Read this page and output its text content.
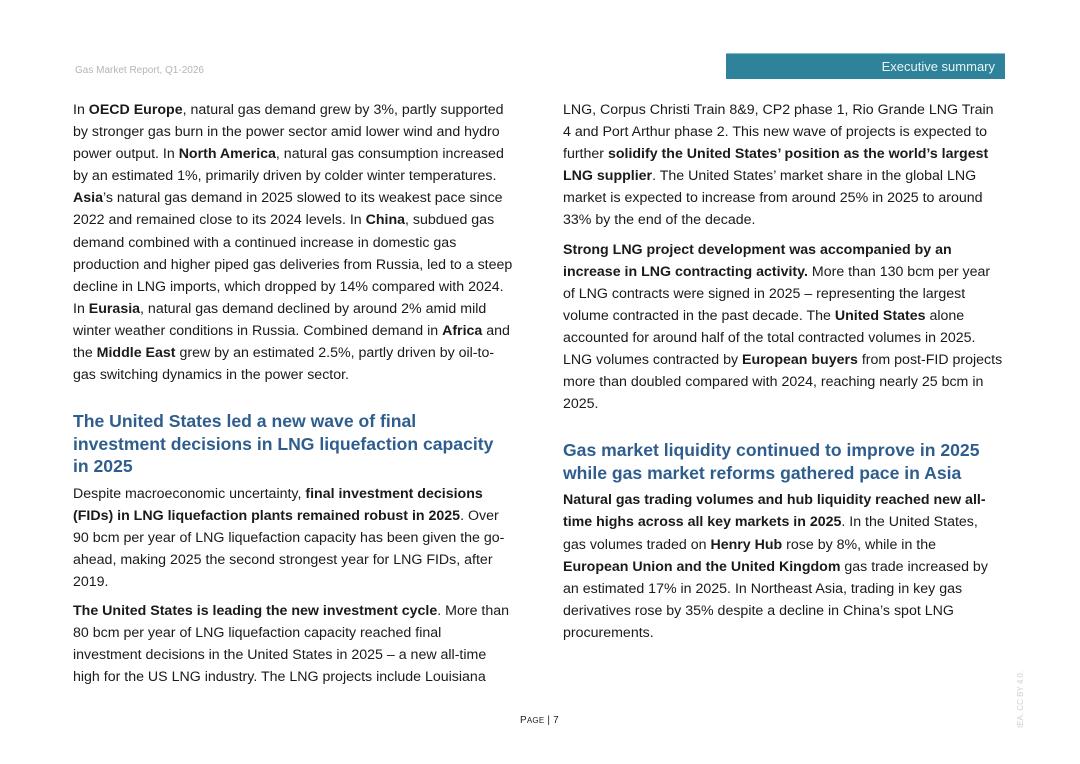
Gas Market Report, Q1-2026	Executive summary

In OECD Europe, natural gas demand grew by 3%, partly supported by stronger gas burn in the power sector amid lower wind and hydro power output. In North America, natural gas consumption increased by an estimated 1%, primarily driven by colder winter temperatures. Asia’s natural gas demand in 2025 slowed to its weakest pace since 2022 and remained close to its 2024 levels. In China, subdued gas demand combined with a continued increase in domestic gas production and higher piped gas deliveries from Russia, led to a steep decline in LNG imports, which dropped by 14% compared with 2024. In Eurasia, natural gas demand declined by around 2% amid mild winter weather conditions in Russia. Combined demand in Africa and the Middle East grew by an estimated 2.5%, partly driven by oil-to-gas switching dynamics in the power sector.

The United States led a new wave of final investment decisions in LNG liquefaction capacity in 2025

Despite macroeconomic uncertainty, final investment decisions (FIDs) in LNG liquefaction plants remained robust in 2025. Over 90 bcm per year of LNG liquefaction capacity has been given the go-ahead, making 2025 the second strongest year for LNG FIDs, after 2019.

The United States is leading the new investment cycle. More than 80 bcm per year of LNG liquefaction capacity reached final investment decisions in the United States in 2025 – a new all-time high for the US LNG industry. The LNG projects include Louisiana

LNG, Corpus Christi Train 8&9, CP2 phase 1, Rio Grande LNG Train 4 and Port Arthur phase 2. This new wave of projects is expected to further solidify the United States’ position as the world’s largest LNG supplier. The United States’ market share in the global LNG market is expected to increase from around 25% in 2025 to around 33% by the end of the decade.

Strong LNG project development was accompanied by an increase in LNG contracting activity. More than 130 bcm per year of LNG contracts were signed in 2025 – representing the largest volume contracted in the past decade. The United States alone accounted for around half of the total contracted volumes in 2025. LNG volumes contracted by European buyers from post-FID projects more than doubled compared with 2024, reaching nearly 25 bcm in 2025.

Gas market liquidity continued to improve in 2025 while gas market reforms gathered pace in Asia

Natural gas trading volumes and hub liquidity reached new all-time highs across all key markets in 2025. In the United States, gas volumes traded on Henry Hub rose by 8%, while in the European Union and the United Kingdom gas trade increased by an estimated 17% in 2025. In Northeast Asia, trading in key gas derivatives rose by 35% despite a decline in China’s spot LNG procurements.

PAGE | 7	IEA. CC BY 4.0.
